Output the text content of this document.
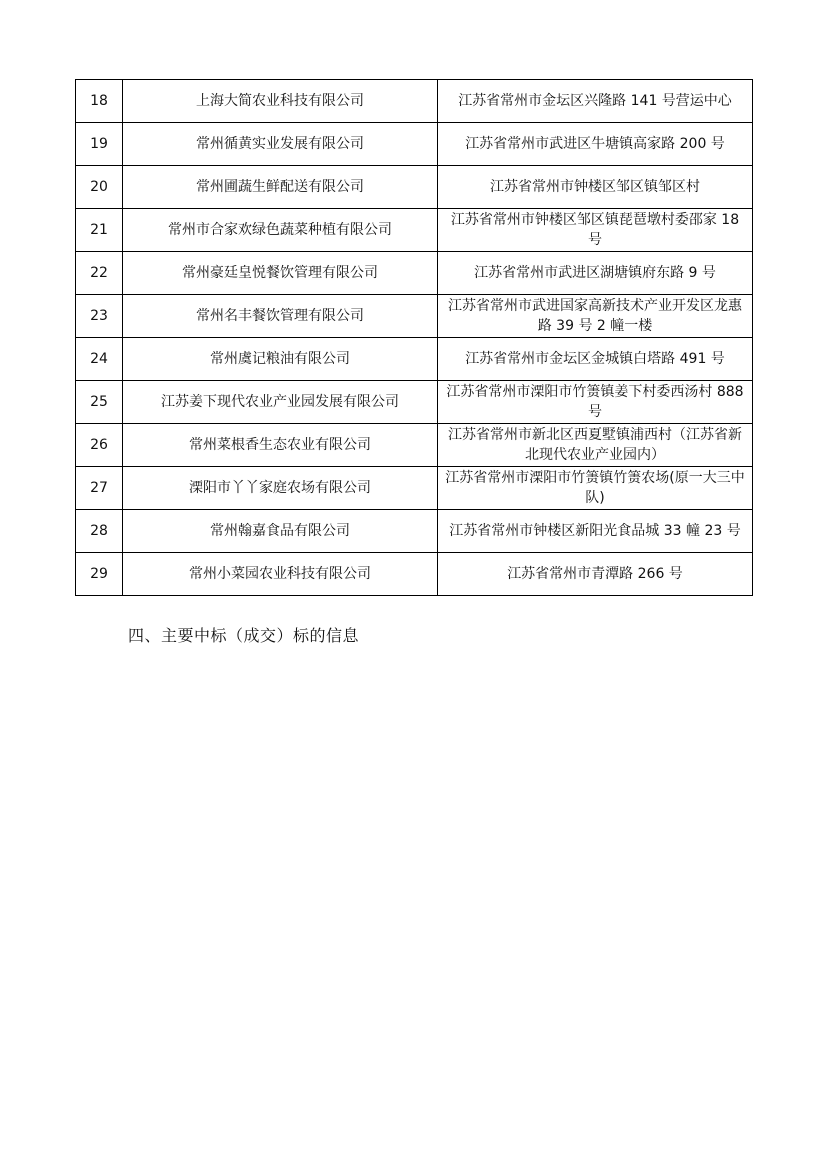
18	上海大简农业科技有限公司	江苏省常州市金坛区兴隆路 141 号营运中心
19	常州循黄实业发展有限公司	江苏省常州市武进区牛塘镇高家路 200 号
20	常州圃蔬生鲜配送有限公司	江苏省常州市钟楼区邹区镇邹区村
21	常州市合家欢绿色蔬菜种植有限公司	江苏省常州市钟楼区邹区镇琵琶墩村委邵家 18 号
22	常州豪廷皇悦餐饮管理有限公司	江苏省常州市武进区湖塘镇府东路 9 号
23	常州名丰餐饮管理有限公司	江苏省常州市武进国家高新技术产业开发区龙惠路 39 号 2 幢一楼
24	常州虞记粮油有限公司	江苏省常州市金坛区金城镇白塔路 491 号
25	江苏姜下现代农业产业园发展有限公司	江苏省常州市溧阳市竹箦镇姜下村委西汤村 888 号
26	常州菜根香生态农业有限公司	江苏省常州市新北区西夏墅镇浦西村（江苏省新北现代农业产业园内）
27	溧阳市丫丫家庭农场有限公司	江苏省常州市溧阳市竹箦镇竹箦农场(原一大三中队)
28	常州翰嘉食品有限公司	江苏省常州市钟楼区新阳光食品城 33 幢 23 号
29	常州小菜园农业科技有限公司	江苏省常州市青潭路 266 号
四、主要中标（成交）标的信息
